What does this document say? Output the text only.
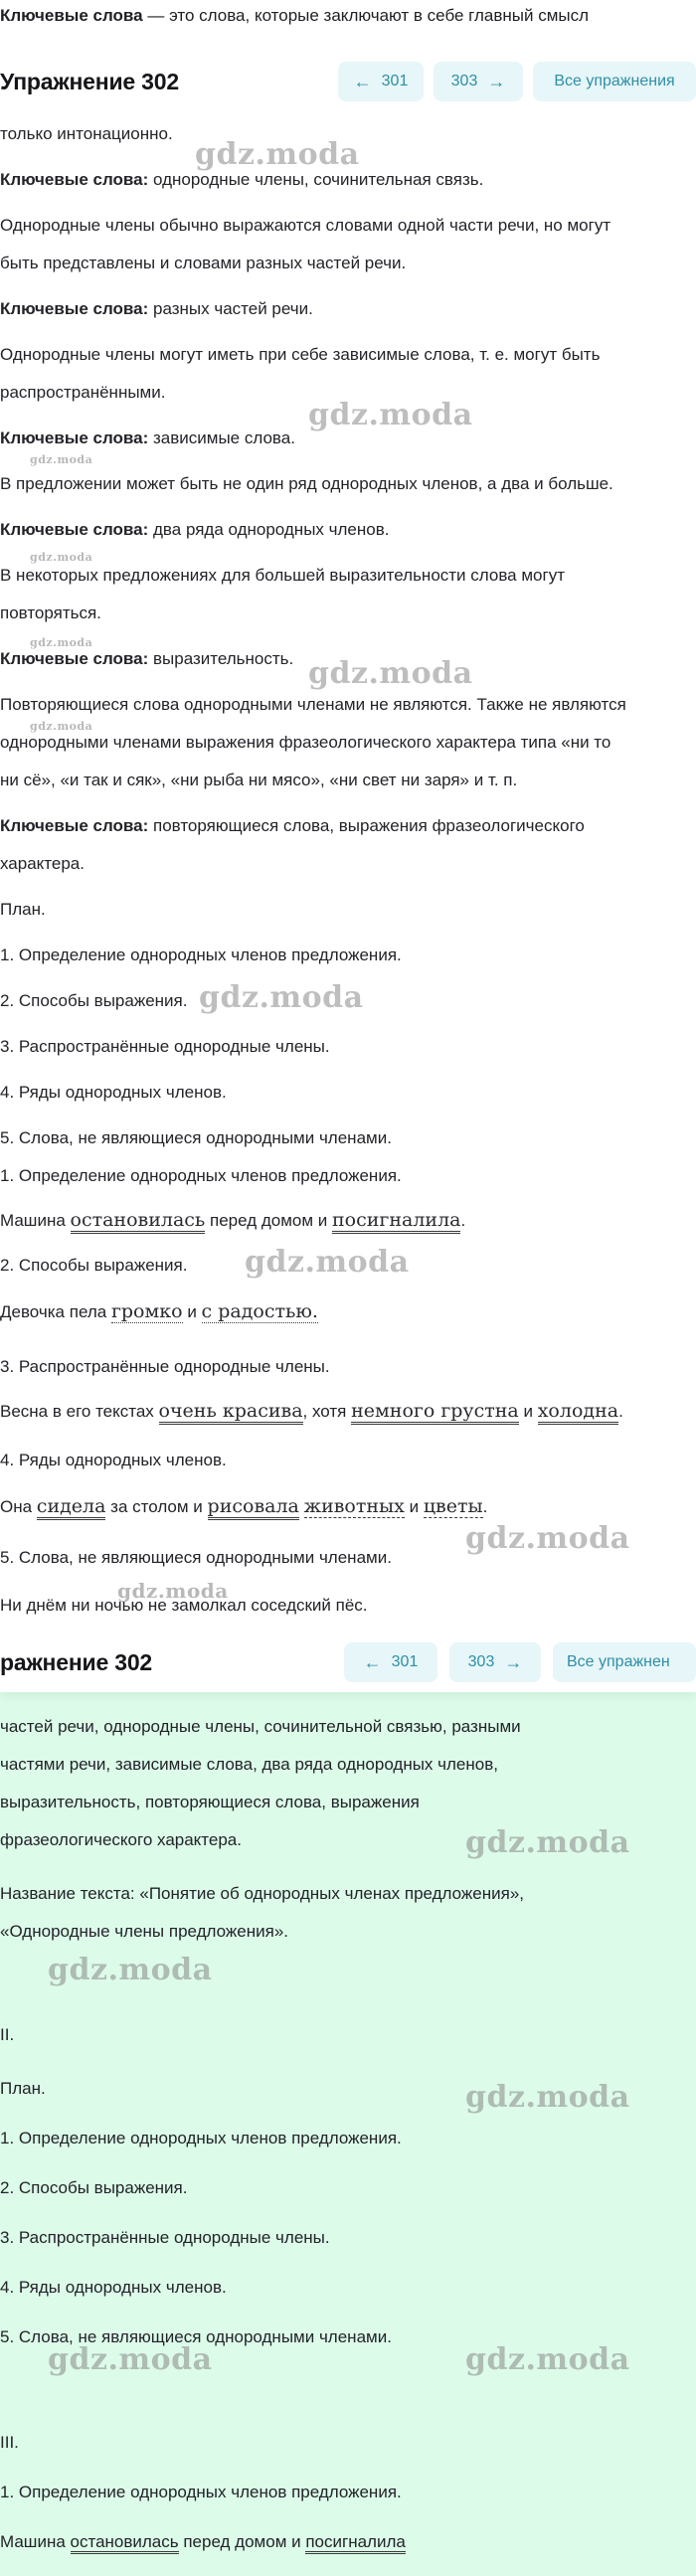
Ключевые слова — это слова, которые заключают в себе главный смысл
Упражнение 302	← 301	303 →	Все упражнения
только интонационно.
Ключевые слова: однородные члены, сочинительная связь.
Однородные члены обычно выражаются словами одной части речи, но могут
быть представлены и словами разных частей речи.
Ключевые слова: разных частей речи.
Однородные члены могут иметь при себе зависимые слова, т. е. могут быть
распространёнными.
Ключевые слова: зависимые слова.
В предложении может быть не один ряд однородных членов, а два и больше.
Ключевые слова: два ряда однородных членов.
В некоторых предложениях для большей выразительности слова могут
повторяться.
Ключевые слова: выразительность.
Повторяющиеся слова однородными членами не являются. Также не являются
однородными членами выражения фразеологического характера типа «ни то
ни сё», «и так и сяк», «ни рыба ни мясо», «ни свет ни заря» и т. п.
Ключевые слова: повторяющиеся слова, выражения фразеологического
характера.
План.
1. Определение однородных членов предложения.
2. Способы выражения.
3. Распространённые однородные члены.
4. Ряды однородных членов.
5. Слова, не являющиеся однородными членами.
1. Определение однородных членов предложения.
Машина остановилась перед домом и посигналила.
2. Способы выражения.
Девочка пела громко и с радостью.
3. Распространённые однородные члены.
Весна в его текстах очень красива, хотя немного грустна и холодна.
4. Ряды однородных членов.
Она сидела за столом и рисовала животных и цветы.
5. Слова, не являющиеся однородными членами.
Ни днём ни ночью не замолкал соседский пёс.
ражнение 302	← 301	303 →	Все упражнен
частей речи, однородные члены, сочинительной связью, разными
частями речи, зависимые слова, два ряда однородных членов,
выразительность, повторяющиеся слова, выражения
фразеологического характера.
Название текста: «Понятие об однородных членах предложения»,
«Однородные члены предложения».
II.
План.
1. Определение однородных членов предложения.
2. Способы выражения.
3. Распространённые однородные члены.
4. Ряды однородных членов.
5. Слова, не являющиеся однородными членами.
III.
1. Определение однородных членов предложения.
Машина остановилась перед домом и посигналила
gdz.moda
gdz.moda
gdz.moda
gdz.moda
gdz.moda
gdz.moda
gdz.moda
gdz.moda
gdz.moda
gdz.moda
gdz.moda
gdz.moda
gdz.moda
gdz.moda
gdz.moda	gdz.moda
